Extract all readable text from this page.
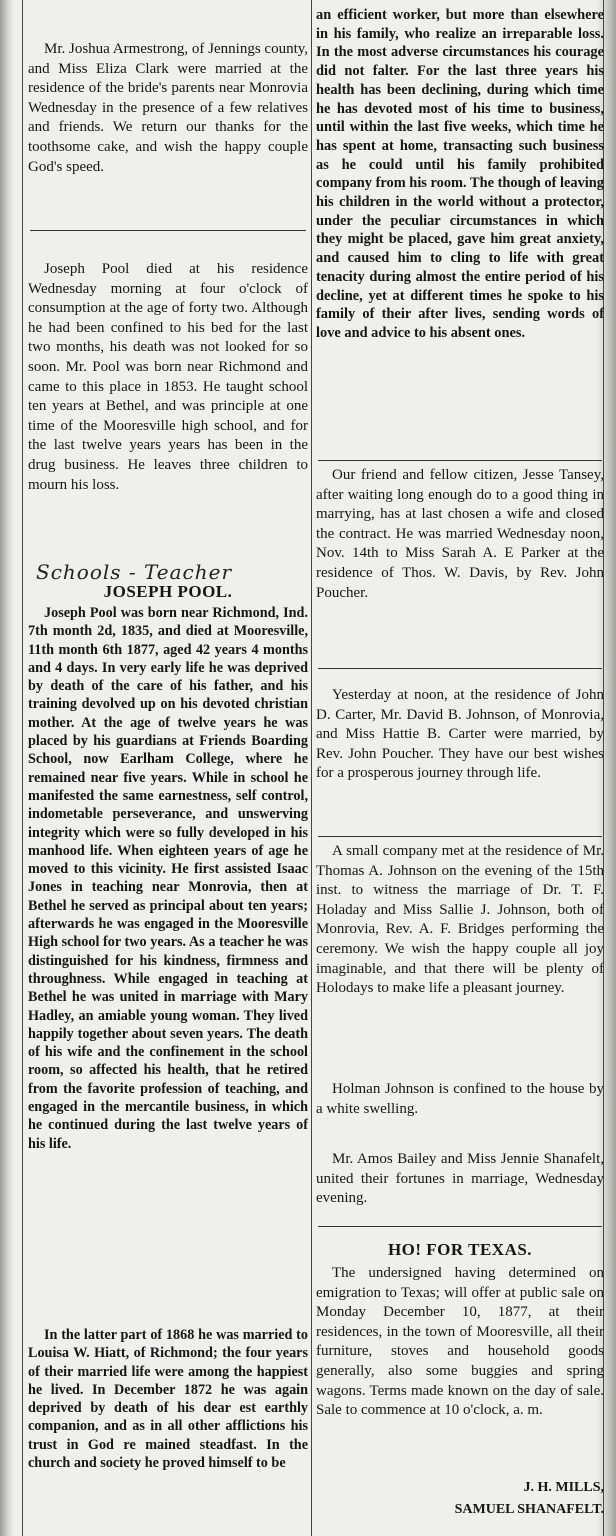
Mr. Joshua Armestrong, of Jennings county, and Miss Eliza Clark were married at the residence of the bride's parents near Monrovia Wednesday in the presence of a few relatives and friends. We return our thanks for the toothsome cake, and wish the happy couple God's speed.
Joseph Pool died at his residence Wednesday morning at four o'clock of consumption at the age of forty two. Although he had been confined to his bed for the last two months, his death was not looked for so soon. Mr. Pool was born near Richmond and came to this place in 1853. He taught school ten years at Bethel, and was principle at one time of the Mooresville high school, and for the last twelve years years has been in the drug business. He leaves three children to mourn his loss.
Schools - Teacher
JOSEPH POOL.
Joseph Pool was born near Richmond, Ind. 7th month 2d, 1835, and died at Mooresville, 11th month 6th 1877, aged 42 years 4 months and 4 days. In very early life he was deprived by death of the care of his father, and his training devolved up on his devoted christian mother. At the age of twelve years he was placed by his guardians at Friends Boarding School, now Earlham College, where he remained near five years. While in school he manifested the same earnestness, self control, indometable perseverance, and unswerving integrity which were so fully developed in his manhood life. When eighteen years of age he moved to this vicinity. He first assisted Isaac Jones in teaching near Monrovia, then at Bethel he served as principal about ten years; afterwards he was engaged in the Mooresville High school for two years. As a teacher he was distinguished for his kindness, firmness and throughness. While engaged in teaching at Bethel he was united in marriage with Mary Hadley, an amiable young woman. They lived happily together about seven years. The death of his wife and the confinement in the school room, so affected his health, that he retired from the favorite profession of teaching, and engaged in the mercantile business, in which he continued during the last twelve years of his life.
In the latter part of 1868 he was married to Louisa W. Hiatt, of Richmond; the four years of their married life were among the happiest he lived. In December 1872 he was again deprived by death of his dear est earthly companion, and as in all other afflictions his trust in God re mained steadfast. In the church and society he proved himself to be
an efficient worker, but more than elsewhere in his family, who realize an irreparable loss. In the most adverse circumstances his courage did not falter. For the last three years his health has been declining, during which time he has devoted most of his time to business, until within the last five weeks, which time he has spent at home, transacting such business as he could until his family prohibited company from his room. The though of leaving his children in the world without a protector, under the peculiar circumstances in which they might be placed, gave him great anxiety, and caused him to cling to life with great tenacity during almost the entire period of his decline, yet at different times he spoke to his family of their after lives, sending words of love and advice to his absent ones.
Our friend and fellow citizen, Jesse Tansey, after waiting long enough do to a good thing in marrying, has at last chosen a wife and closed the contract. He was married Wednesday noon, Nov. 14th to Miss Sarah A. E Parker at the residence of Thos. W. Davis, by Rev. John Poucher.
Yesterday at noon, at the residence of John D. Carter, Mr. David B. Johnson, of Monrovia, and Miss Hattie B. Carter were married, by Rev. John Poucher. They have our best wishes for a prosperous journey through life.
A small company met at the residence of Mr. Thomas A. Johnson on the evening of the 15th inst. to witness the marriage of Dr. T. F. Holaday and Miss Sallie J. Johnson, both of Monrovia, Rev. A. F. Bridges performing the ceremony. We wish the happy couple all joy imaginable, and that there will be plenty of Holodays to make life a pleasant journey.
Holman Johnson is confined to the house by a white swelling.
Mr. Amos Bailey and Miss Jennie Shanafelt, united their fortunes in marriage, Wednesday evening.
HO! FOR TEXAS.
The undersigned having determined on emigration to Texas; will offer at public sale on Monday December 10, 1877, at their residences, in the town of Mooresville, all their furniture, stoves and household goods generally, also some buggies and spring wagons. Terms made known on the day of sale. Sale to commence at 10 o'clock, a. m.
J. H. MILLS,
SAMUEL SHANAFELT.
